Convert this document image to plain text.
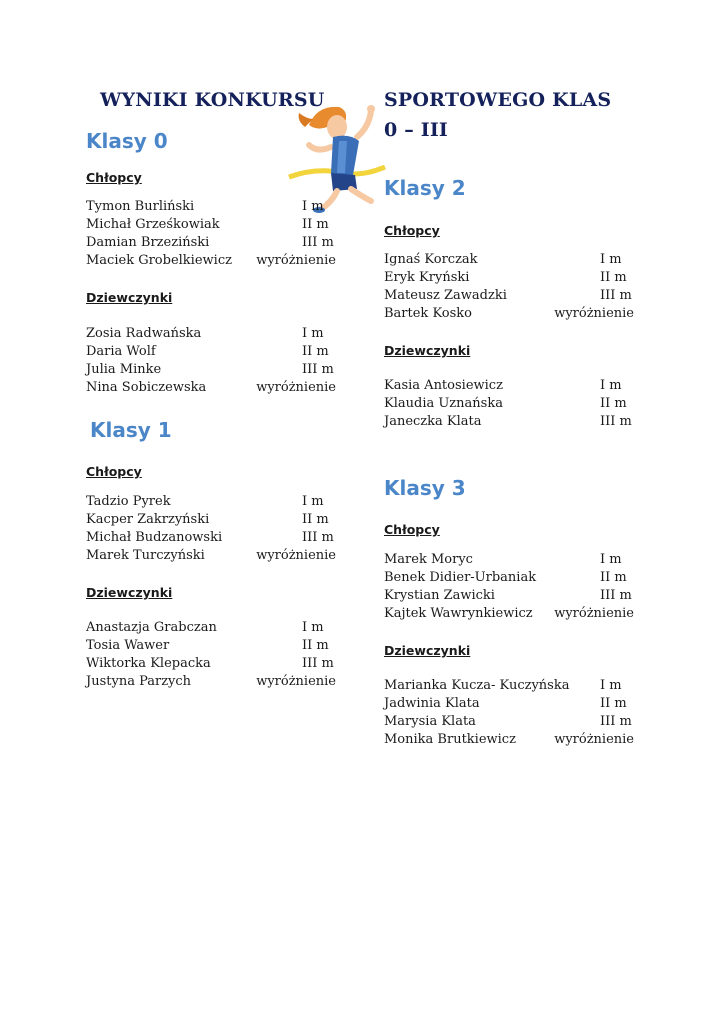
WYNIKI KONKURSU	SPORTOWEGO KLAS
0 – III
Klasy 0
Chłopcy
Tymon Burliński	I m
Michał Grześkowiak	II m
Damian Brzeziński	III m
Maciek Grobelkiewicz wyróżnienie
Dziewczynki
Zosia Radwańska	I m
Daria Wolf	II m
Julia Minke	III m
Nina Sobiczewska	wyróżnienie
Klasy 1
Chłopcy
Tadzio Pyrek	I m
Kacper Zakrzyński	II m
Michał Budzanowski	III m
Marek Turczyński	wyróżnienie
Dziewczynki
Anastazja Grabczan	I m
Tosia Wawer	II m
Wiktorka Klepacka	III m
Justyna Parzych	wyróżnienie
Klasy 2
Chłopcy
Ignaś Korczak	I m
Eryk Kryński	II m
Mateusz Zawadzki	III m
Bartek Kosko	wyróżnienie
Dziewczynki
Kasia Antosiewicz	I m
Klaudia Uznańska	II m
Janeczka Klata	III m
Klasy 3
Chłopcy
Marek Moryc	I m
Benek Didier-Urbaniak	II m
Krystian Zawicki	III m
Kajtek Wawrynkiewicz wyróżnienie
Dziewczynki
Marianka Kucza- Kuczyńska I m
Jadwinia Klata	II m
Marysia Klata	III m
Monika Brutkiewicz	wyróżnienie
